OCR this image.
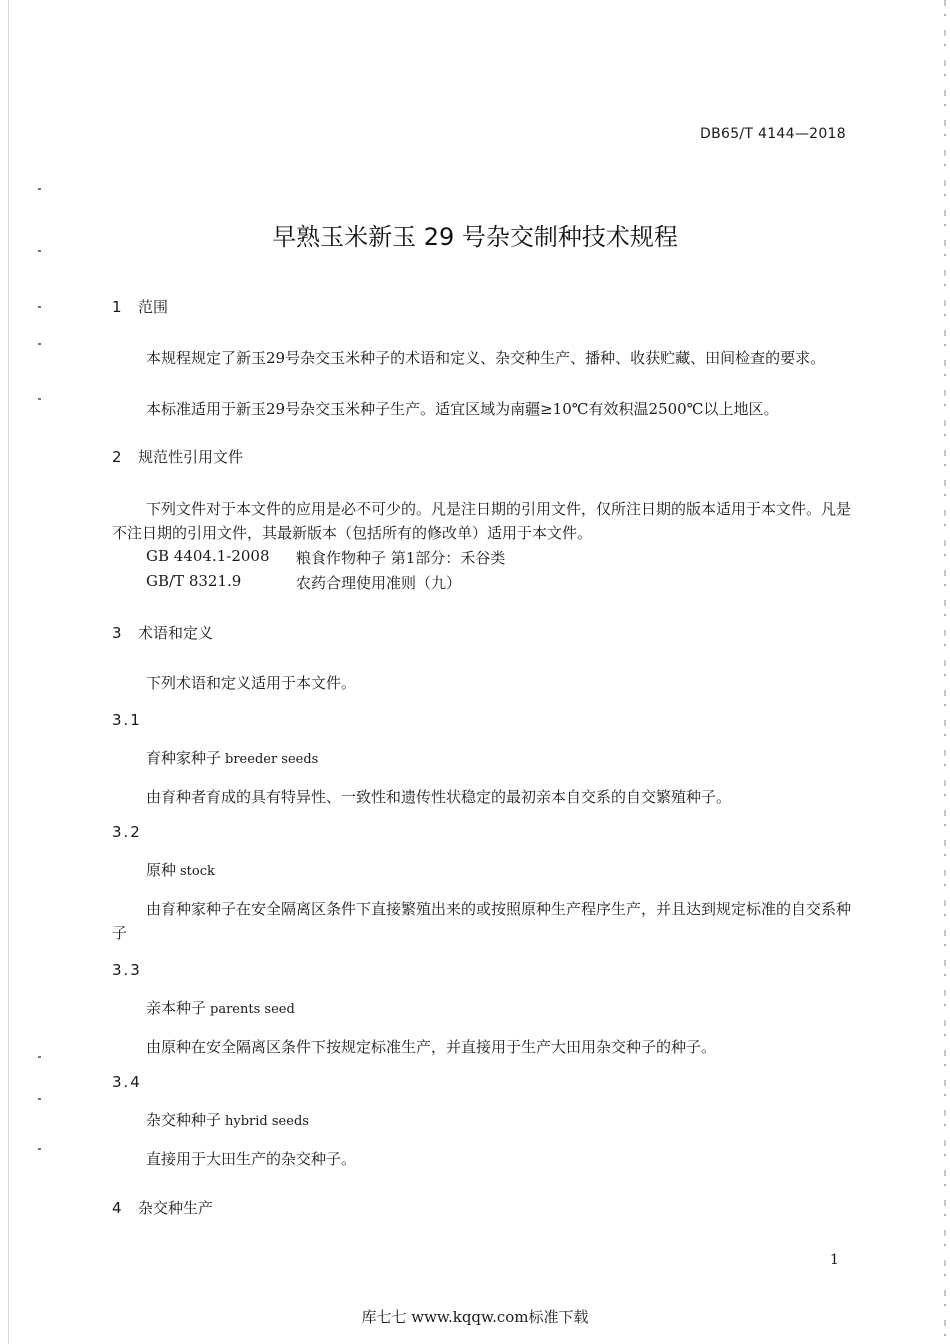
DB65/T 4144—2018
早熟玉米新玉 29 号杂交制种技术规程
1 范围
本规程规定了新玉29号杂交玉米种子的术语和定义、杂交种生产、播种、收获贮藏、田间检查的要求。
本标准适用于新玉29号杂交玉米种子生产。适宜区域为南疆≥10℃有效积温2500℃以上地区。
2 规范性引用文件
下列文件对于本文件的应用是必不可少的。凡是注日期的引用文件，仅所注日期的版本适用于本文件。凡是不注日期的引用文件，其最新版本（包括所有的修改单）适用于本文件。
GB 4404.1-2008 粮食作物种子 第1部分：禾谷类
GB/T 8321.9	农药合理使用准则（九）
3 术语和定义
下列术语和定义适用于本文件。
3.1
育种家种子 breeder seeds
由育种者育成的具有特异性、一致性和遗传性状稳定的最初亲本自交系的自交繁殖种子。
3.2
原种 stock
由育种家种子在安全隔离区条件下直接繁殖出来的或按照原种生产程序生产，并且达到规定标准的自交系种子
3.3
亲本种子 parents seed
由原种在安全隔离区条件下按规定标准生产，并直接用于生产大田用杂交种子的种子。
3.4
杂交种种子 hybrid seeds
直接用于大田生产的杂交种子。
4 杂交种生产
1
库七七 www.kqqw.com标准下载
